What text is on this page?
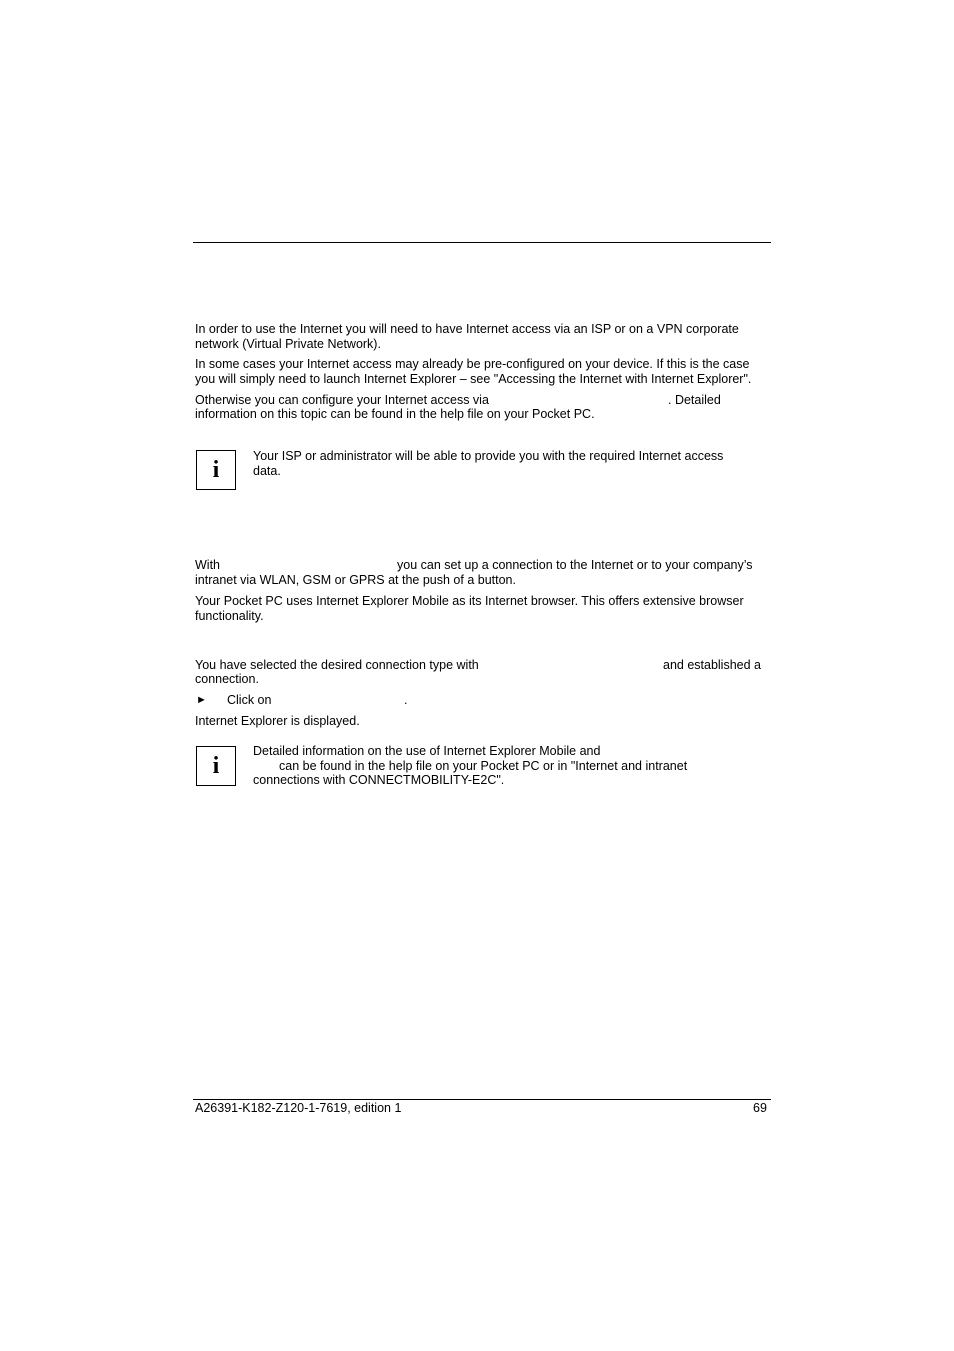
In order to use the Internet you will need to have Internet access via an ISP or on a VPN corporate
network (Virtual Private Network).
In some cases your Internet access may already be pre-configured on your device. If this is the case
you will simply need to launch Internet Explorer – see "Accessing the Internet with Internet Explorer".
Otherwise you can configure your Internet access via	. Detailed
information on this topic can be found in the help file on your Pocket PC.
i
Your ISP or administrator will be able to provide you with the required Internet access
data.
With	you can set up a connection to the Internet or to your company’s
intranet via WLAN, GSM or GPRS at the push of a button.
Your Pocket PC uses Internet Explorer Mobile as its Internet browser. This offers extensive browser
functionality.
You have selected the desired connection type with	and established a
connection.
► Click on	.
Internet Explorer is displayed.
i
Detailed information on the use of Internet Explorer Mobile and
can be found in the help file on your Pocket PC or in "Internet and intranet
connections with CONNECTMOBILITY-E2C".
A26391-K182-Z120-1-7619, edition 1	69
